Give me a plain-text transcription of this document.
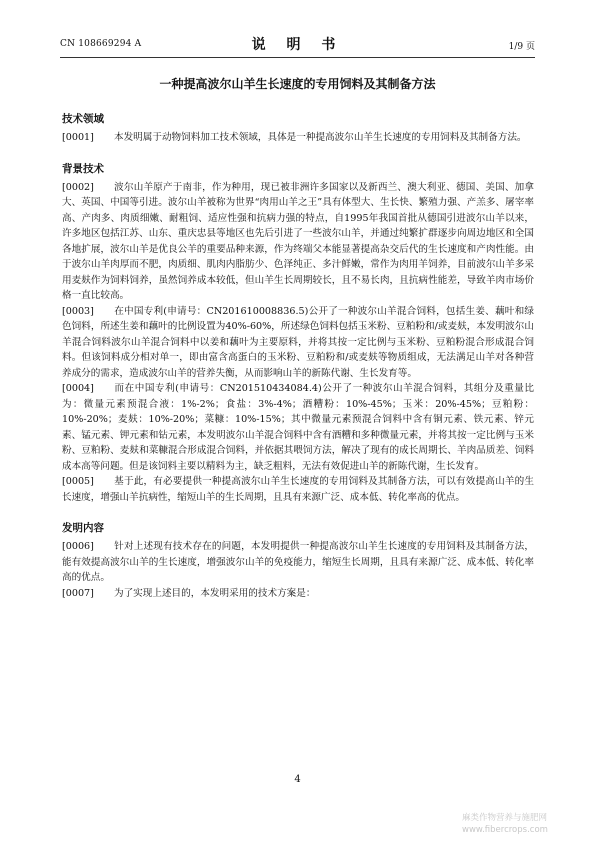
CN 108669294 A	说 明 书	1/9 页
一种提高波尔山羊生长速度的专用饲料及其制备方法

技术领域

[0001] 本发明属于动物饲料加工技术领域，具体是一种提高波尔山羊生长速度的专用饲料及其制备方法。

背景技术

[0002] 波尔山羊原产于南非，作为种用，现已被非洲许多国家以及新西兰、澳大利亚、德国、美国、加拿大、英国、中国等引进。波尔山羊被称为世界“肉用山羊之王”具有体型大、生长快、繁殖力强、产羔多、屠宰率高、产肉多、肉质细嫩、耐粗饲、适应性强和抗病力强的特点，自1995年我国首批从德国引进波尔山羊以来，许多地区包括江苏、山东、重庆忠县等地区也先后引进了一些波尔山羊，并通过纯繁扩群逐步向周边地区和全国各地扩展，波尔山羊是优良公羊的重要品种来源，作为终端父本能显著提高杂交后代的生长速度和产肉性能。由于波尔山羊肉厚而不肥，肉质细、肌肉内脂肪少、色泽纯正、多汁鲜嫩，常作为肉用羊饲养，目前波尔山羊多采用麦麸作为饲料饲养，虽然饲养成本较低，但山羊生长周期较长，且不易长肉，且抗病性能差，导致羊肉市场价格一直比较高。

[0003] 在中国专利(申请号：CN201610008836.5)公开了一种波尔山羊混合饲料，包括生姜、藕叶和绿色饲料，所述生姜和藕叶的比例设置为40%-60%，所述绿色饲料包括玉米粉、豆粕粉和/或麦麸，本发明波尔山羊混合饲料波尔山羊混合饲料中以姜和藕叶为主要原料，并将其按一定比例与玉米粉、豆粕粉混合形成混合饲料。但该饲料成分相对单一，即由富含高蛋白的玉米粉、豆粕粉和/或麦麸等物质组成，无法满足山羊对各种营养成分的需求，造成波尔山羊的营养失衡，从而影响山羊的新陈代谢、生长发育等。

[0004] 而在中国专利(申请号：CN201510434084.4)公开了一种波尔山羊混合饲料，其组分及重量比为：微量元素预混合液：1%-2%；食盐：3%-4%；酒糟粉：10%-45%；玉米：20%-45%；豆粕粉：10%-20%；麦麸：10%-20%；菜糠：10%-15%；其中微量元素预混合饲料中含有铜元素、铁元素、锌元素、锰元素、钾元素和钻元素，本发明波尔山羊混合饲料中含有酒糟和多种微量元素，并将其按一定比例与玉米粉、豆粕粉、麦麸和菜糠混合形成混合饲料，并依据其喂饲方法，解决了现有的成长周期长、羊肉品质差、饲料成本高等问题。但是该饲料主要以精料为主，缺乏粗料，无法有效促进山羊的新陈代谢，生长发育。

[0005] 基于此，有必要提供一种提高波尔山羊生长速度的专用饲料及其制备方法，可以有效提高山羊的生长速度，增强山羊抗病性，缩短山羊的生长周期，且具有来源广泛、成本低、转化率高的优点。

发明内容

[0006] 针对上述现有技术存在的问题，本发明提供一种提高波尔山羊生长速度的专用饲料及其制备方法，能有效提高波尔山羊的生长速度，增强波尔山羊的免疫能力，缩短生长周期，且具有来源广泛、成本低、转化率高的优点。

[0007] 为了实现上述目的，本发明采用的技术方案是：

4
麻类作物营养与施肥网
www.fibercrops.com
